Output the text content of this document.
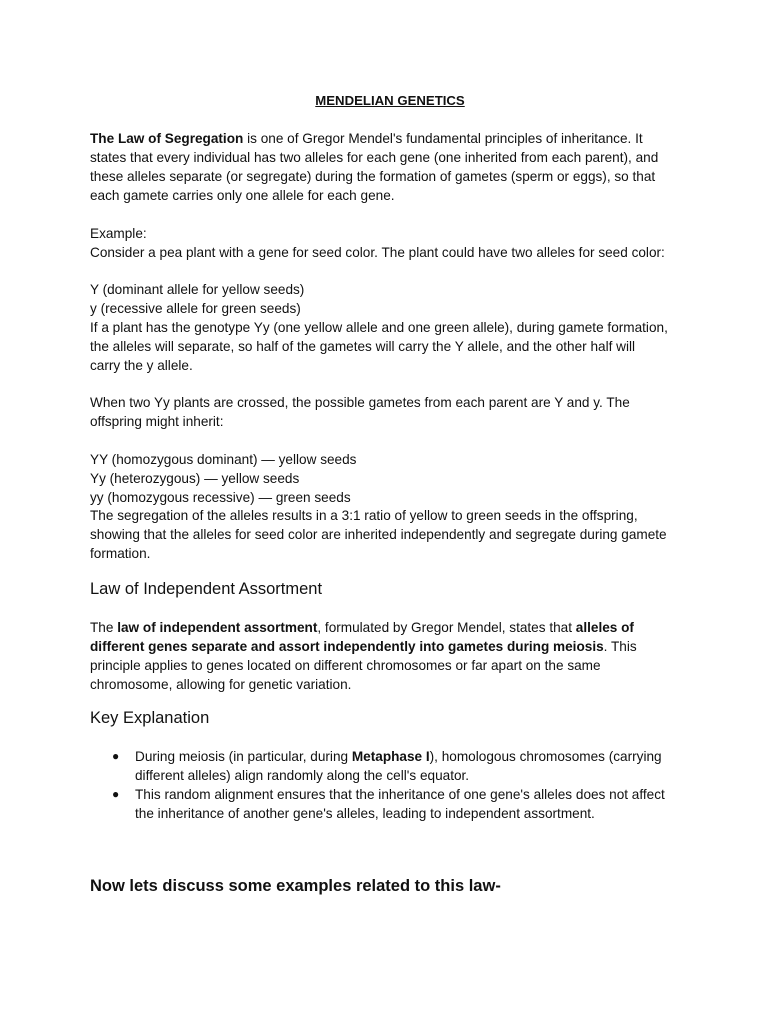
MENDELIAN GENETICS

The Law of Segregation is one of Gregor Mendel's fundamental principles of inheritance. It

states that every individual has two alleles for each gene (one inherited from each parent), and

these alleles separate (or segregate) during the formation of gametes (sperm or eggs), so that

each gamete carries only one allele for each gene.

Example:

Consider a pea plant with a gene for seed color. The plant could have two alleles for seed color:

Y (dominant allele for yellow seeds)

y (recessive allele for green seeds)

If a plant has the genotype Yy (one yellow allele and one green allele), during gamete formation,

the alleles will separate, so half of the gametes will carry the Y allele, and the other half will

carry the y allele.

When two Yy plants are crossed, the possible gametes from each parent are Y and y. The

offspring might inherit:

YY (homozygous dominant) — yellow seeds

Yy (heterozygous) — yellow seeds

yy (homozygous recessive) — green seeds

The segregation of the alleles results in a 3:1 ratio of yellow to green seeds in the offspring,

showing that the alleles for seed color are inherited independently and segregate during gamete

formation.

Law of Independent Assortment

The law of independent assortment, formulated by Gregor Mendel, states that alleles of

different genes separate and assort independently into gametes during meiosis. This

principle applies to genes located on different chromosomes or far apart on the same

chromosome, allowing for genetic variation.

Key Explanation
● During meiosis (in particular, during Metaphase I), homologous chromosomes (carrying

different alleles) align randomly along the cell's equator.

● This random alignment ensures that the inheritance of one gene's alleles does not affect

the inheritance of another gene's alleles, leading to independent assortment.

Now lets discuss some examples related to this law-
